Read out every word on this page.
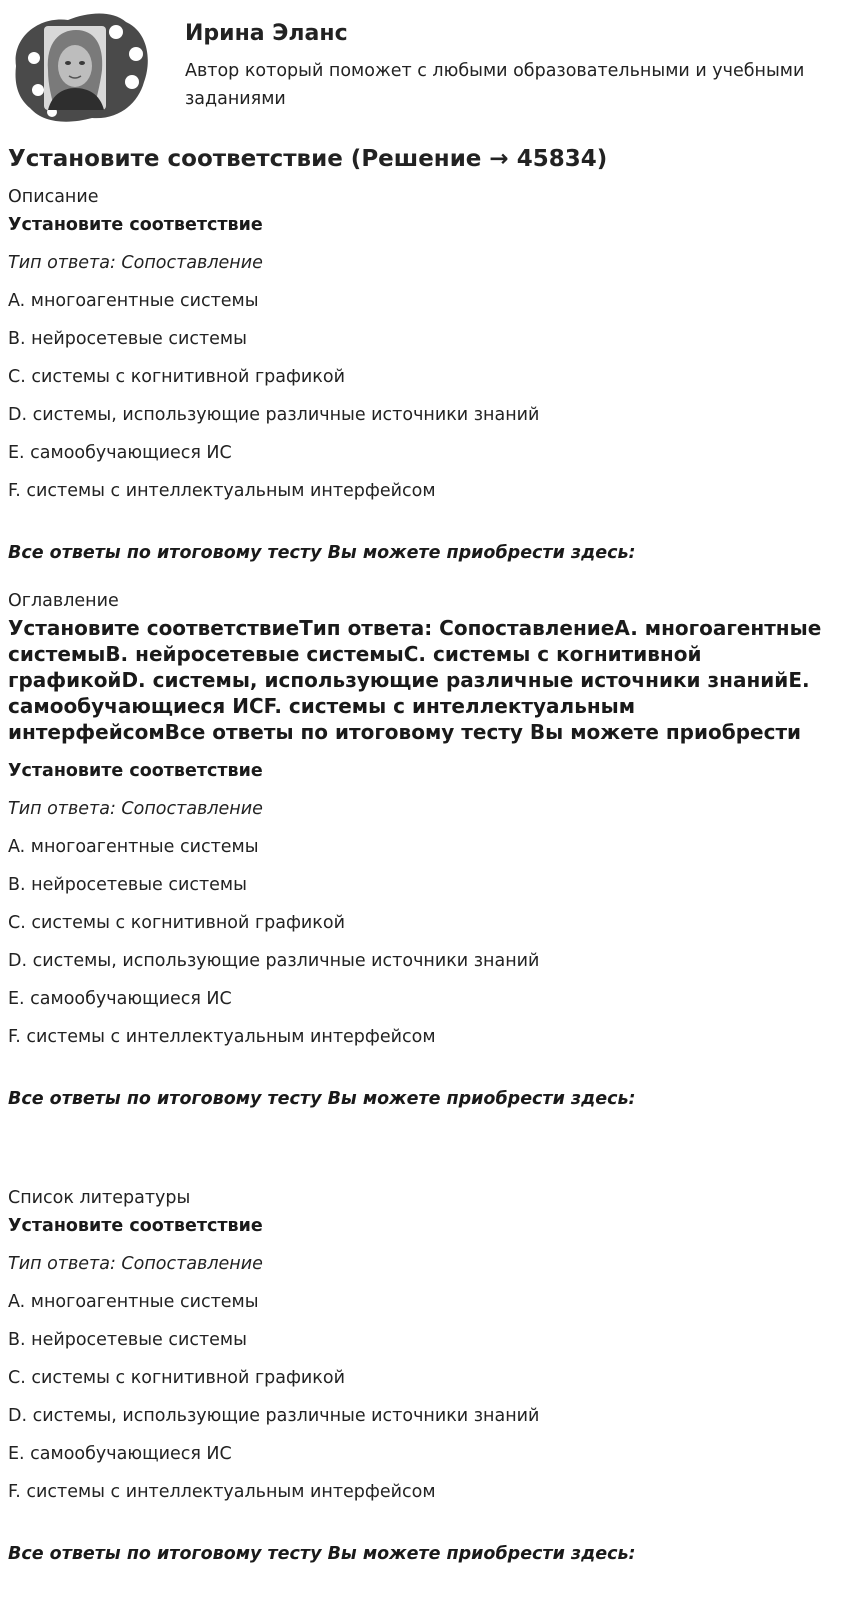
Ирина Эланс
Автор который поможет с любыми образовательными и учебными заданиями
Установите соответствие (Решение → 45834)
Описание
Установите соответствие
Тип ответа: Сопоставление
A. многоагентные системы
B. нейросетевые системы
C. системы с когнитивной графикой
D. системы, использующие различные источники знаний
E. самообучающиеся ИС
F. системы с интеллектуальным интерфейсом
Все ответы по итоговому тесту Вы можете приобрести здесь:
Оглавление
Установите соответствиеТип ответа: СопоставлениеA. многоагентные системыB. нейросетевые системыC. системы с когнитивной графикойD. системы, использующие различные источники знанийE. самообучающиеся ИСF. системы с интеллектуальным интерфейсомВсе ответы по итоговому тесту Вы можете приобрести
Установите соответствие
Тип ответа: Сопоставление
A. многоагентные системы
B. нейросетевые системы
C. системы с когнитивной графикой
D. системы, использующие различные источники знаний
E. самообучающиеся ИС
F. системы с интеллектуальным интерфейсом
Все ответы по итоговому тесту Вы можете приобрести здесь:
Список литературы
Установите соответствие
Тип ответа: Сопоставление
A. многоагентные системы
B. нейросетевые системы
C. системы с когнитивной графикой
D. системы, использующие различные источники знаний
E. самообучающиеся ИС
F. системы с интеллектуальным интерфейсом
Все ответы по итоговому тесту Вы можете приобрести здесь:
